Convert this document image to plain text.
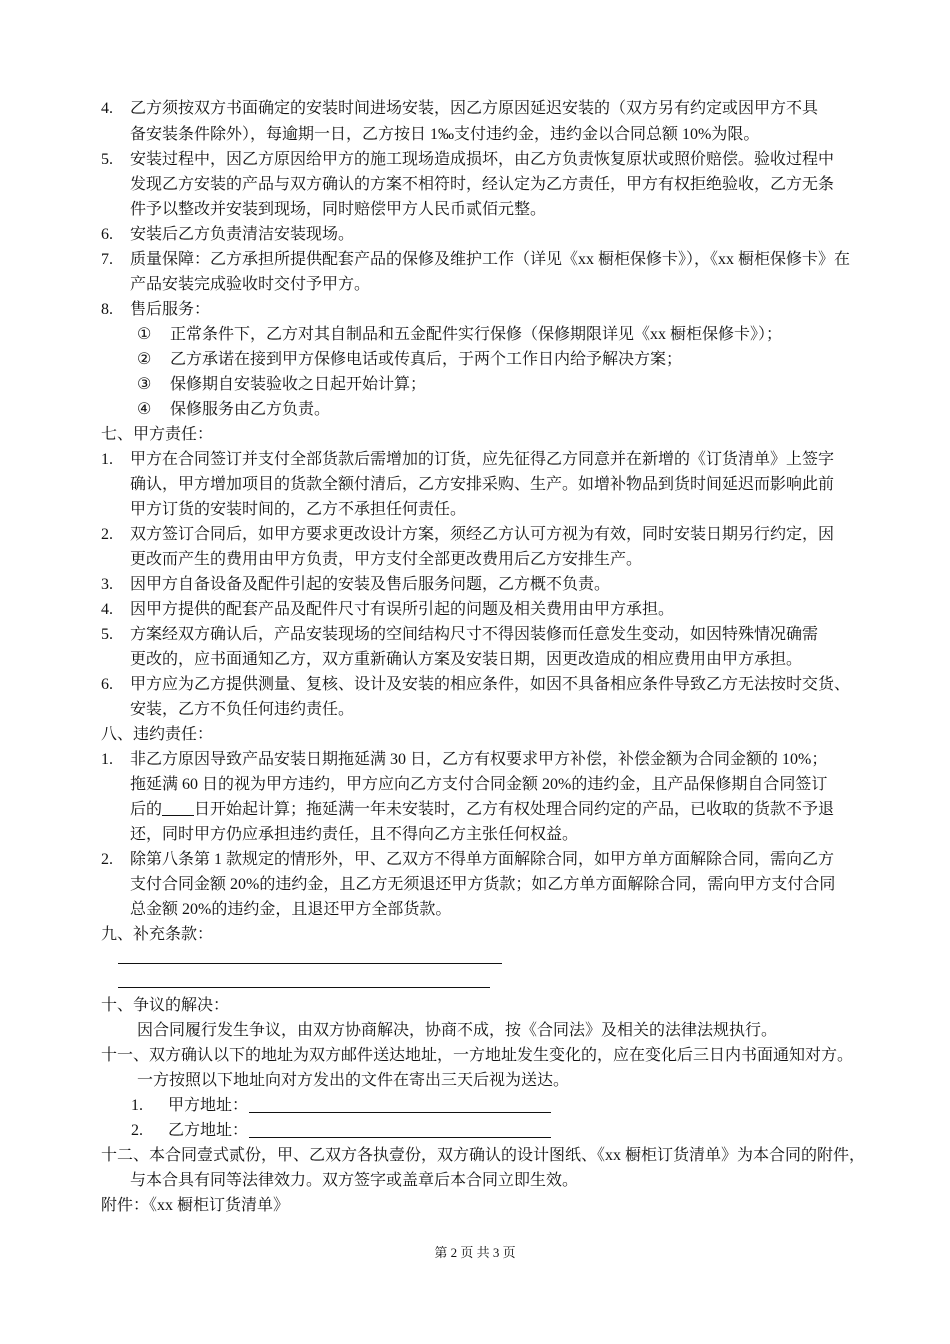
4. 乙方须按双方书面确定的安装时间进场安装，因乙方原因延迟安装的（双方另有约定或因甲方不具
备安装条件除外），每逾期一日，乙方按日 1‰支付违约金，违约金以合同总额 10%为限。
5. 安装过程中，因乙方原因给甲方的施工现场造成损坏，由乙方负责恢复原状或照价赔偿。验收过程中
发现乙方安装的产品与双方确认的方案不相符时，经认定为乙方责任，甲方有权拒绝验收，乙方无条
件予以整改并安装到现场，同时赔偿甲方人民币贰佰元整。
6. 安装后乙方负责清洁安装现场。
7. 质量保障：乙方承担所提供配套产品的保修及维护工作（详见《xx 橱柜保修卡》），《xx 橱柜保修卡》在
产品安装完成验收时交付予甲方。
8. 售后服务：
① 正常条件下，乙方对其自制品和五金配件实行保修（保修期限详见《xx 橱柜保修卡》）；
② 乙方承诺在接到甲方保修电话或传真后，于两个工作日内给予解决方案；
③ 保修期自安装验收之日起开始计算；
④ 保修服务由乙方负责。
七、甲方责任：
1. 甲方在合同签订并支付全部货款后需增加的订货，应先征得乙方同意并在新增的《订货清单》上签字
确认，甲方增加项目的货款全额付清后，乙方安排采购、生产。如增补物品到货时间延迟而影响此前
甲方订货的安装时间的，乙方不承担任何责任。
2. 双方签订合同后，如甲方要求更改设计方案，须经乙方认可方视为有效，同时安装日期另行约定，因
更改而产生的费用由甲方负责，甲方支付全部更改费用后乙方安排生产。
3. 因甲方自备设备及配件引起的安装及售后服务问题，乙方概不负责。
4. 因甲方提供的配套产品及配件尺寸有误所引起的问题及相关费用由甲方承担。
5. 方案经双方确认后，产品安装现场的空间结构尺寸不得因装修而任意发生变动，如因特殊情况确需
更改的，应书面通知乙方，双方重新确认方案及安装日期，因更改造成的相应费用由甲方承担。
6. 甲方应为乙方提供测量、复核、设计及安装的相应条件，如因不具备相应条件导致乙方无法按时交货、
安装，乙方不负任何违约责任。
八、违约责任：
1. 非乙方原因导致产品安装日期拖延满 30 日，乙方有权要求甲方补偿，补偿金额为合同金额的 10%；
拖延满 60 日的视为甲方违约，甲方应向乙方支付合同金额 20%的违约金，且产品保修期自合同签订
后的 日开始起计算；拖延满一年未安装时，乙方有权处理合同约定的产品，已收取的货款不予退
还，同时甲方仍应承担违约责任，且不得向乙方主张任何权益。
2. 除第八条第 1 款规定的情形外，甲、乙双方不得单方面解除合同，如甲方单方面解除合同，需向乙方
支付合同金额 20%的违约金，且乙方无须退还甲方货款；如乙方单方面解除合同，需向甲方支付合同
总金额 20%的违约金，且退还甲方全部货款。
九、补充条款：
十、争议的解决：
因合同履行发生争议，由双方协商解决，协商不成，按《合同法》及相关的法律法规执行。
十一、双方确认以下的地址为双方邮件送达地址，一方地址发生变化的，应在变化后三日内书面通知对方。
一方按照以下地址向对方发出的文件在寄出三天后视为送达。
1. 甲方地址：
2. 乙方地址：
十二、本合同壹式贰份，甲、乙双方各执壹份，双方确认的设计图纸、《xx 橱柜订货清单》为本合同的附件，
与本合具有同等法律效力。双方签字或盖章后本合同立即生效。
附件：《xx 橱柜订货清单》
第 2 页 共 3 页
